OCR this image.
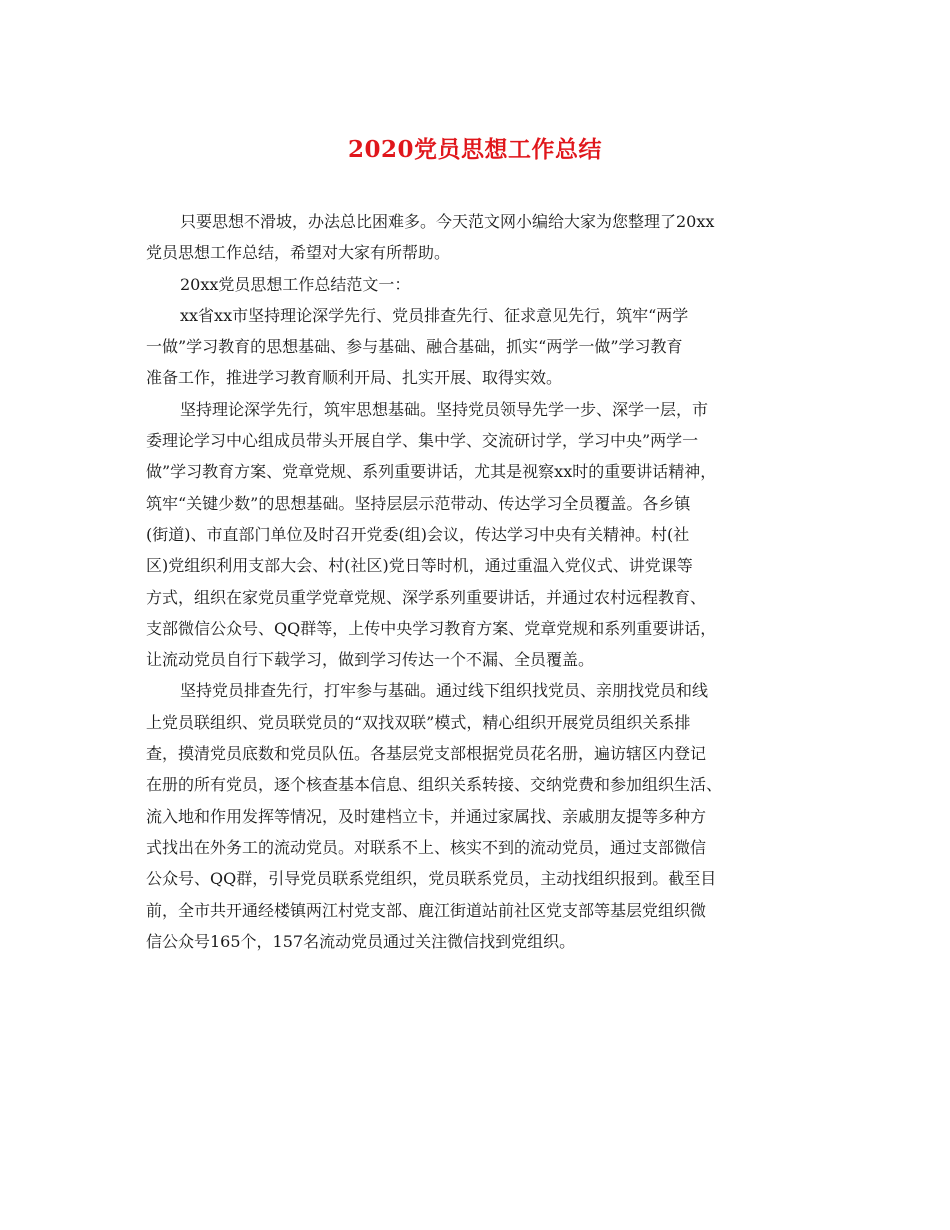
2020党员思想工作总结
只要思想不滑坡，办法总比困难多。今天范文网小编给大家为您整理了20xx
党员思想工作总结，希望对大家有所帮助。
20xx党员思想工作总结范文一：
xx省xx市坚持理论深学先行、党员排查先行、征求意见先行，筑牢“两学
一做”学习教育的思想基础、参与基础、融合基础，抓实“两学一做”学习教育
准备工作，推进学习教育顺利开局、扎实开展、取得实效。
坚持理论深学先行，筑牢思想基础。坚持党员领导先学一步、深学一层，市
委理论学习中心组成员带头开展自学、集中学、交流研讨学，学习中央”两学一
做”学习教育方案、党章党规、系列重要讲话，尤其是视察xx时的重要讲话精神，
筑牢“关键少数”的思想基础。坚持层层示范带动、传达学习全员覆盖。各乡镇
(街道)、市直部门单位及时召开党委(组)会议，传达学习中央有关精神。村(社
区)党组织利用支部大会、村(社区)党日等时机，通过重温入党仪式、讲党课等
方式，组织在家党员重学党章党规、深学系列重要讲话，并通过农村远程教育、
支部微信公众号、QQ群等，上传中央学习教育方案、党章党规和系列重要讲话，
让流动党员自行下载学习，做到学习传达一个不漏、全员覆盖。
坚持党员排查先行，打牢参与基础。通过线下组织找党员、亲朋找党员和线
上党员联组织、党员联党员的“双找双联”模式，精心组织开展党员组织关系排
查，摸清党员底数和党员队伍。各基层党支部根据党员花名册，遍访辖区内登记
在册的所有党员，逐个核查基本信息、组织关系转接、交纳党费和参加组织生活、
流入地和作用发挥等情况，及时建档立卡，并通过家属找、亲戚朋友提等多种方
式找出在外务工的流动党员。对联系不上、核实不到的流动党员，通过支部微信
公众号、QQ群，引导党员联系党组织，党员联系党员，主动找组织报到。截至目
前，全市共开通经楼镇两江村党支部、鹿江街道站前社区党支部等基层党组织微
信公众号165个，157名流动党员通过关注微信找到党组织。
